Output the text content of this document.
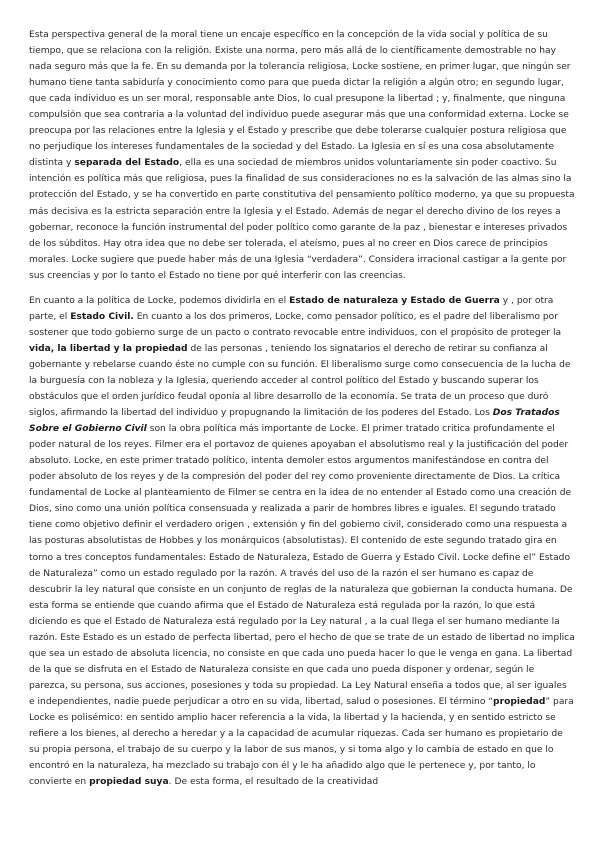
Esta perspectiva general de la moral tiene un encaje específico en la concepción de la vida social y política de su tiempo, que se relaciona con la religión. Existe una norma, pero más allá de lo científicamente demostrable no hay nada seguro más que la fe. En su demanda por la tolerancia religiosa, Locke sostiene, en primer lugar, que ningún ser humano tiene tanta sabiduría y conocimiento como para que pueda dictar la religión a algún otro; en segundo lugar, que cada individuo es un ser moral, responsable ante Dios, lo cual presupone la libertad ; y, finalmente, que ninguna compulsión que sea contraria a la voluntad del individuo puede asegurar más que una conformidad externa. Locke se preocupa por las relaciones entre la Iglesia y el Estado y prescribe que debe tolerarse cualquier postura religiosa que no perjudique los intereses fundamentales de la sociedad y del Estado. La Iglesia en sí es una cosa absolutamente distinta y separada del Estado, ella es una sociedad de miembros unidos voluntariamente sin poder coactivo. Su intención es política más que religiosa, pues la finalidad de sus consideraciones no es la salvación de las almas sino la protección del Estado, y se ha convertido en parte constitutiva del pensamiento político moderno, ya que su propuesta más decisiva es la estricta separación entre la Iglesia y el Estado. Además de negar el derecho divino de los reyes a gobernar, reconoce la función instrumental del poder político como garante de la paz , bienestar e intereses privados de los súbditos. Hay otra idea que no debe ser tolerada, el ateísmo, pues al no creer en Dios carece de principios morales. Locke sugiere que puede haber más de una Iglesia “verdadera”. Considera irracional castigar a la gente por sus creencias y por lo tanto el Estado no tiene por qué interferir con las creencias.

En cuanto a la política de Locke, podemos dividirla en el Estado de naturaleza y Estado de Guerra y , por otra parte, el Estado Civil. En cuanto a los dos primeros, Locke, como pensador político, es el padre del liberalismo por sostener que todo gobierno surge de un pacto o contrato revocable entre individuos, con el propósito de proteger la vida, la libertad y la propiedad de las personas , teniendo los signatarios el derecho de retirar su confianza al gobernante y rebelarse cuando éste no cumple con su función. El liberalismo surge como consecuencia de la lucha de la burguesía con la nobleza y la Iglesia, queriendo acceder al control político del Estado y buscando superar los obstáculos que el orden jurídico feudal oponía al libre desarrollo de la economía. Se trata de un proceso que duró siglos, afirmando la libertad del individuo y propugnando la limitación de los poderes del Estado. Los Dos Tratados Sobre el Gobierno Civil son la obra política más importante de Locke. El primer tratado critica profundamente el poder natural de los reyes. Filmer era el portavoz de quienes apoyaban el absolutismo real y la justificación del poder absoluto. Locke, en este primer tratado político, intenta demoler estos argumentos manifestándose en contra del poder absoluto de los reyes y de la compresión del poder del rey como proveniente directamente de Dios. La crítica fundamental de Locke al planteamiento de Filmer se centra en la idea de no entender al Estado como una creación de Dios, sino como una unión política consensuada y realizada a parir de hombres libres e iguales. El segundo tratado tiene como objetivo definir el verdadero origen , extensión y fin del gobierno civil, considerado como una respuesta a las posturas absolutistas de Hobbes y los monárquicos (absolutistas). El contenido de este segundo tratado gira en torno a tres conceptos fundamentales: Estado de Naturaleza, Estado de Guerra y Estado Civil. Locke define el” Estado de Naturaleza” como un estado regulado por la razón. A través del uso de la razón el ser humano es capaz de descubrir la ley natural que consiste en un conjunto de reglas de la naturaleza que gobiernan la conducta humana. De esta forma se entiende que cuando afirma que el Estado de Naturaleza está regulada por la razón, lo que está diciendo es que el Estado de Naturaleza está regulado por la Ley natural , a la cual llega el ser humano mediante la razón. Este Estado es un estado de perfecta libertad, pero el hecho de que se trate de un estado de libertad no implica que sea un estado de absoluta licencia, no consiste en que cada uno pueda hacer lo que le venga en gana. La libertad de la que se disfruta en el Estado de Naturaleza consiste en que cada uno pueda disponer y ordenar, según le parezca, su persona, sus acciones, posesiones y toda su propiedad. La Ley Natural enseña a todos que, al ser iguales e independientes, nadie puede perjudicar a otro en su vida, libertad, salud o posesiones. El término “propiedad” para Locke es polisémico: en sentido amplio hacer referencia a la vida, la libertad y la hacienda, y en sentido estricto se refiere a los bienes, al derecho a heredar y a la capacidad de acumular riquezas. Cada ser humano es propietario de su propia persona, el trabajo de su cuerpo y la labor de sus manos, y si toma algo y lo cambia de estado en que lo encontró en la naturaleza, ha mezclado su trabajo con él y le ha añadido algo que le pertenece y, por tanto, lo convierte en propiedad suya. De esta forma, el resultado de la creatividad
